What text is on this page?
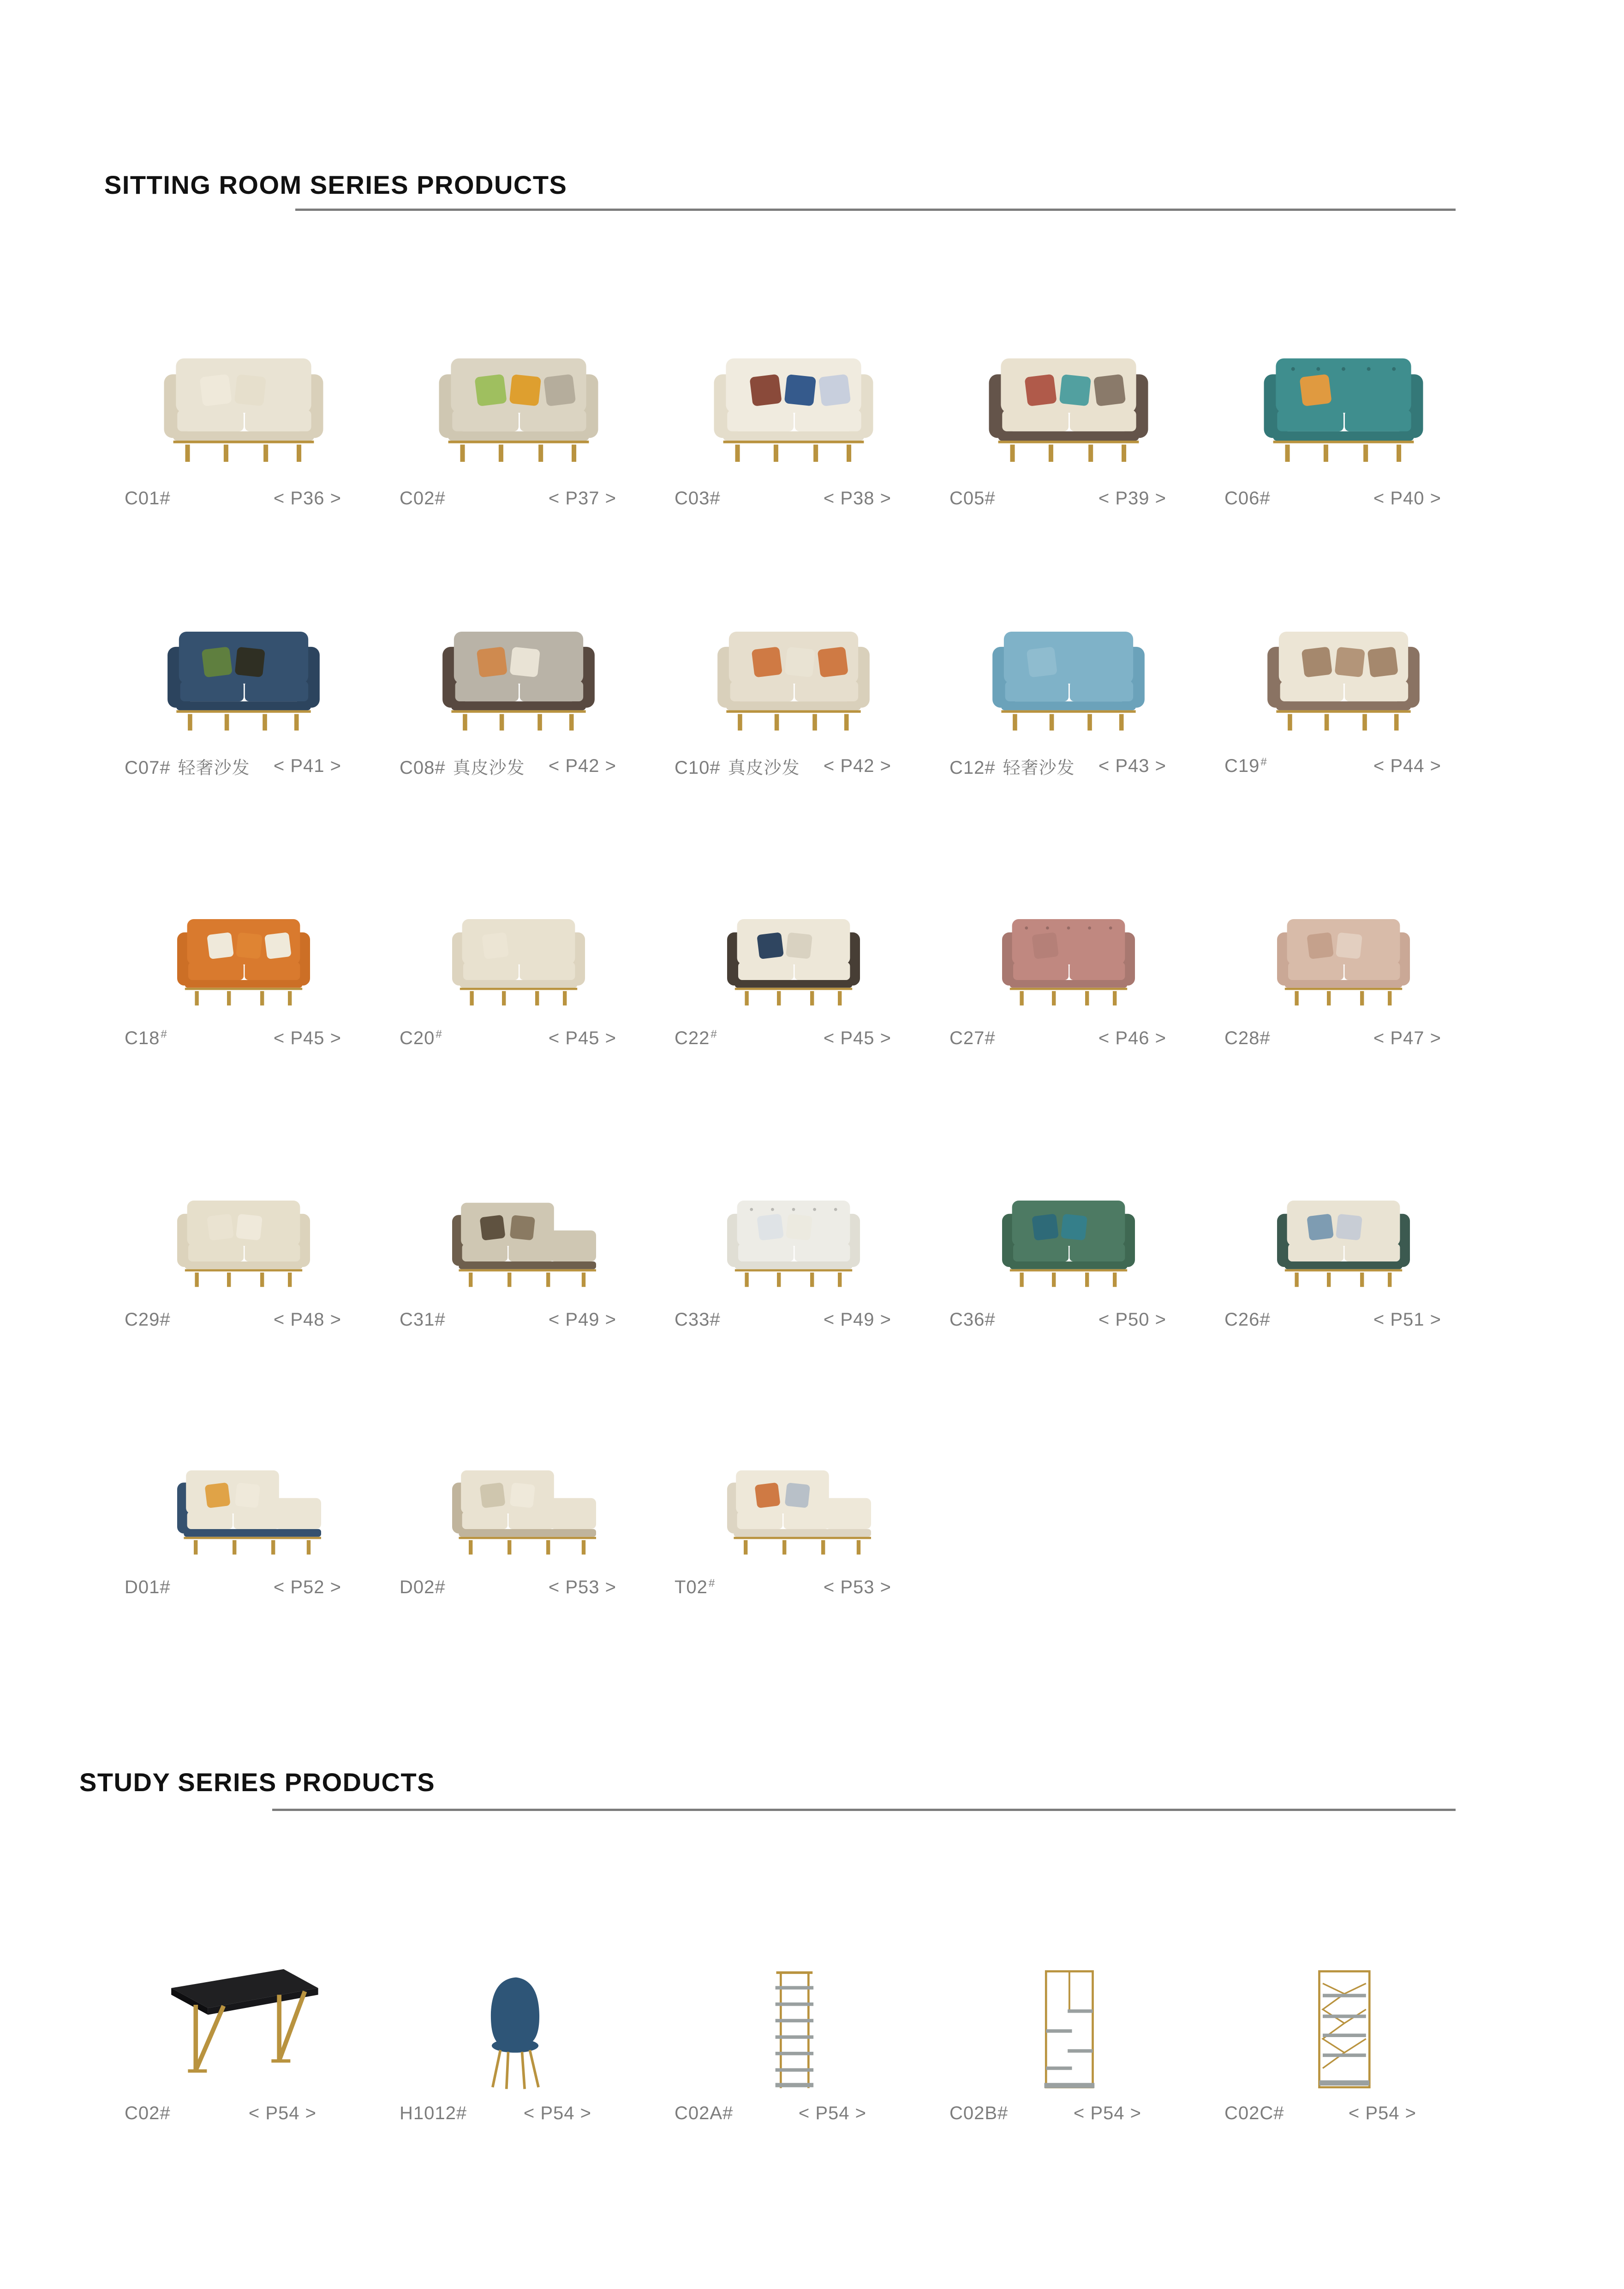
SITTING ROOM SERIES PRODUCTS
C01#	< P36 >	C02#	< P37 >	C03#	< P38 >	C05#	< P39 >	C06#	< P40 >
C07# 轻奢沙发 < P41 >	C08# 真皮沙发 < P42 >	C10# 真皮沙发 < P42 >	C12# 轻奢沙发 < P43 >	C19 #	< P44 >
C18 #	< P45 >	C20 #	< P45 >	C22 #	< P45 >	C27#	< P46 >	C28#	< P47 >
C29#	< P48 >	C31#	< P49 >	C33#	< P49 >	C36#	< P50 >	C26#	< P51 >
D01#	< P52 >	D02#	< P53 >	T02 #	< P53 >
STUDY SERIES PRODUCTS
C02#	< P54 >	H1012#	< P54 >	C02A#	< P54 >	C02B#	< P54 >	C02C#	< P54 >
